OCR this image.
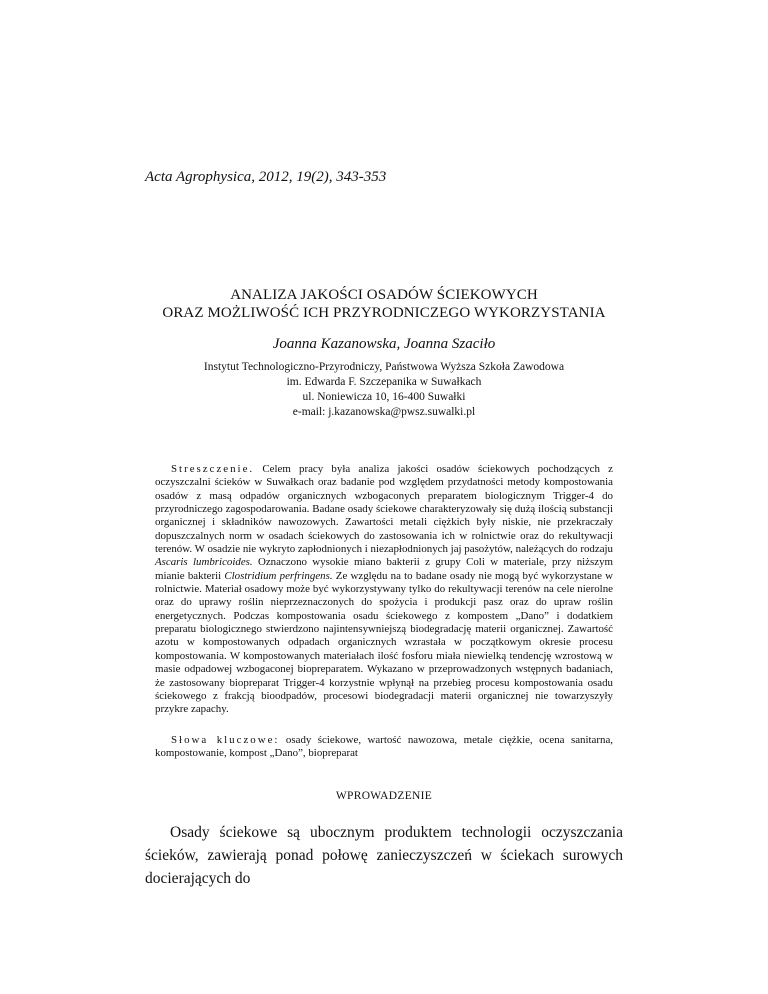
Acta Agrophysica, 2012, 19(2), 343-353
ANALIZA JAKOŚCI OSADÓW ŚCIEKOWYCH
ORAZ MOŻLIWOŚĆ ICH PRZYRODNICZEGO WYKORZYSTANIA
Joanna Kazanowska, Joanna Szaciło
Instytut Technologiczno-Przyrodniczy, Państwowa Wyższa Szkoła Zawodowa
im. Edwarda F. Szczepanika w Suwałkach
ul. Noniewicza 10, 16-400 Suwałki
e-mail: j.kazanowska@pwsz.suwalki.pl

Streszczenie. Celem pracy była analiza jakości osadów ściekowych pochodzących z oczyszczalni ścieków w Suwałkach oraz badanie pod względem przydatności metody kompostowania osadów z masą odpadów organicznych wzbogaconych preparatem biologicznym Trigger-4 do przyrodniczego zagospodarowania. Badane osady ściekowe charakteryzowały się dużą ilością substancji organicznej i składników nawozowych. Zawartości metali ciężkich były niskie, nie przekraczały dopuszczalnych norm w osadach ściekowych do zastosowania ich w rolnictwie oraz do rekultywacji terenów. W osadzie nie wykryto zapłodnionych i niezapłodnionych jaj pasożytów, należących do rodzaju Ascaris lumbricoides. Oznaczono wysokie miano bakterii z grupy Coli w materiale, przy niższym mianie bakterii Clostridium perfringens. Ze względu na to badane osady nie mogą być wykorzystane w rolnictwie. Materiał osadowy może być wykorzystywany tylko do rekultywacji terenów na cele nierolne oraz do uprawy roślin nieprzeznaczonych do spożycia i produkcji pasz oraz do upraw roślin energetycznych. Podczas kompostowania osadu ściekowego z kompostem „Dano” i dodatkiem preparatu biologicznego stwierdzono najintensywniejszą biodegradację materii organicznej. Zawartość azotu w kompostowanych odpadach organicznych wzrastała w początkowym okresie procesu kompostowania. W kompostowanych materiałach ilość fosforu miała niewielką tendencję wzrostową w masie odpadowej wzbogaconej biopreparatem. Wykazano w przeprowadzonych wstępnych badaniach, że zastosowany biopreparat Trigger-4 korzystnie wpłynął na przebieg procesu kompostowania osadu ściekowego z frakcją bioodpadów, procesowi biodegradacji materii organicznej nie towarzyszyły przykre zapachy.

Słowa kluczowe: osady ściekowe, wartość nawozowa, metale ciężkie, ocena sanitarna, kompostowanie, kompost „Dano”, biopreparat

WPROWADZENIE

Osady ściekowe są ubocznym produktem technologii oczyszczania ścieków, zawierają ponad połowę zanieczyszczeń w ściekach surowych docierających do
